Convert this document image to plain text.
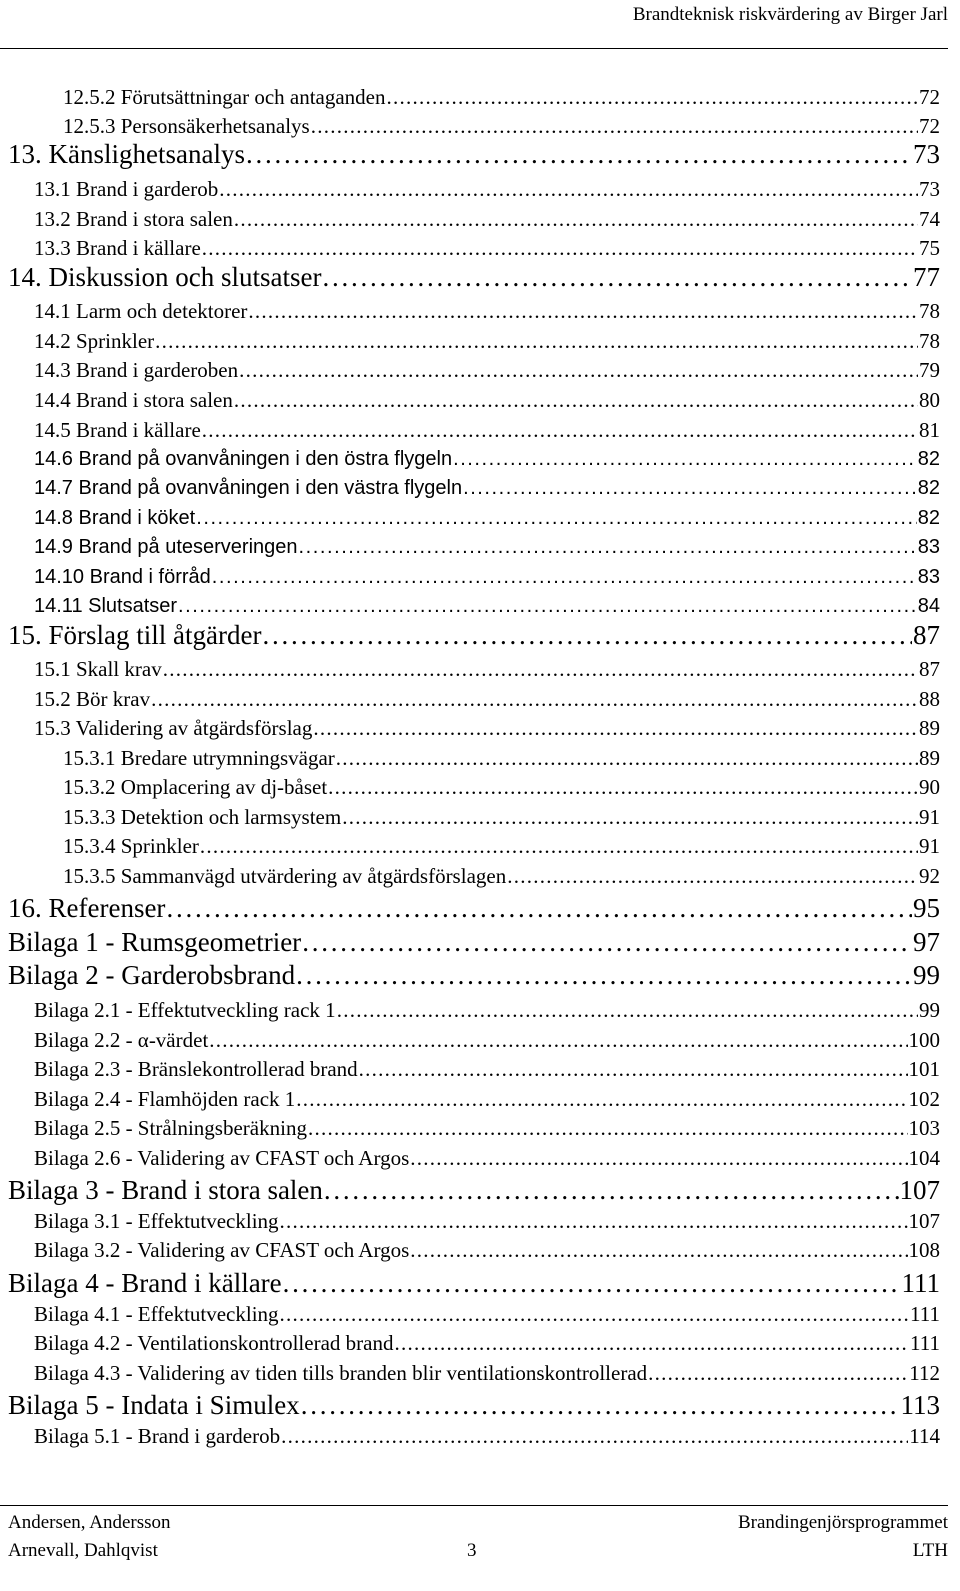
Brandteknisk riskvärdering av Birger Jarl
12.5.2 Förutsättningar och antaganden . . .	72
12.5.3 Personsäkerhetsanalys . . .	72
13. Känslighetsanalys . . .	73
13.1 Brand i garderob . . .	73
13.2 Brand i stora salen . . .	74
13.3 Brand i källare . . .	75
14. Diskussion och slutsatser . . .	77
14.1 Larm och detektorer . . .	78
14.2 Sprinkler . . .	78
14.3 Brand i garderoben . . .	79
14.4 Brand i stora salen . . .	80
14.5 Brand i källare . . .	81
14.6 Brand på ovanvåningen i den östra flygeln . . .	82
14.7 Brand på ovanvåningen i den västra flygeln . . .	82
14.8 Brand i köket . . .	82
14.9 Brand på uteserveringen . . .	83
14.10 Brand i förråd . . .	83
14.11 Slutsatser . . .	84
15. Förslag till åtgärder . . .	87
15.1 Skall krav . . .	87
15.2 Bör krav . . .	88
15.3 Validering av åtgärdsförslag . . .	89
15.3.1 Bredare utrymningsvägar . . .	89
15.3.2 Omplacering av dj-båset . . .	90
15.3.3 Detektion och larmsystem . . .	91
15.3.4 Sprinkler . . .	91
15.3.5 Sammanvägd utvärdering av åtgärdsförslagen . . .	92
16. Referenser . . .	95
Bilaga 1 - Rumsgeometrier . . .	97
Bilaga 2 - Garderobsbrand . . .	99
Bilaga 2.1 - Effektutveckling rack 1 . . .	99
Bilaga 2.2 - α-värdet . . .	100
Bilaga 2.3 - Bränslekontrollerad brand . . .	101
Bilaga 2.4 - Flamhöjden rack 1 . . .	102
Bilaga 2.5 - Strålningsberäkning . . .	103
Bilaga 2.6 - Validering av CFAST och Argos . . .	104
Bilaga 3 - Brand i stora salen . . .	107
Bilaga 3.1 - Effektutveckling . . .	107
Bilaga 3.2 - Validering av CFAST och Argos . . .	108
Bilaga 4 - Brand i källare . . .	111
Bilaga 4.1 - Effektutveckling . . .	111
Bilaga 4.2 - Ventilationskontrollerad brand . . .	111
Bilaga 4.3 - Validering av tiden tills branden blir ventilationskontrollerad . . .	112
Bilaga 5 - Indata i Simulex . . .	113
Bilaga 5.1 - Brand i garderob . . .	114
Andersen, Andersson
Arnevall, Dahlqvist	3
Brandingenjörsprogrammet
LTH
